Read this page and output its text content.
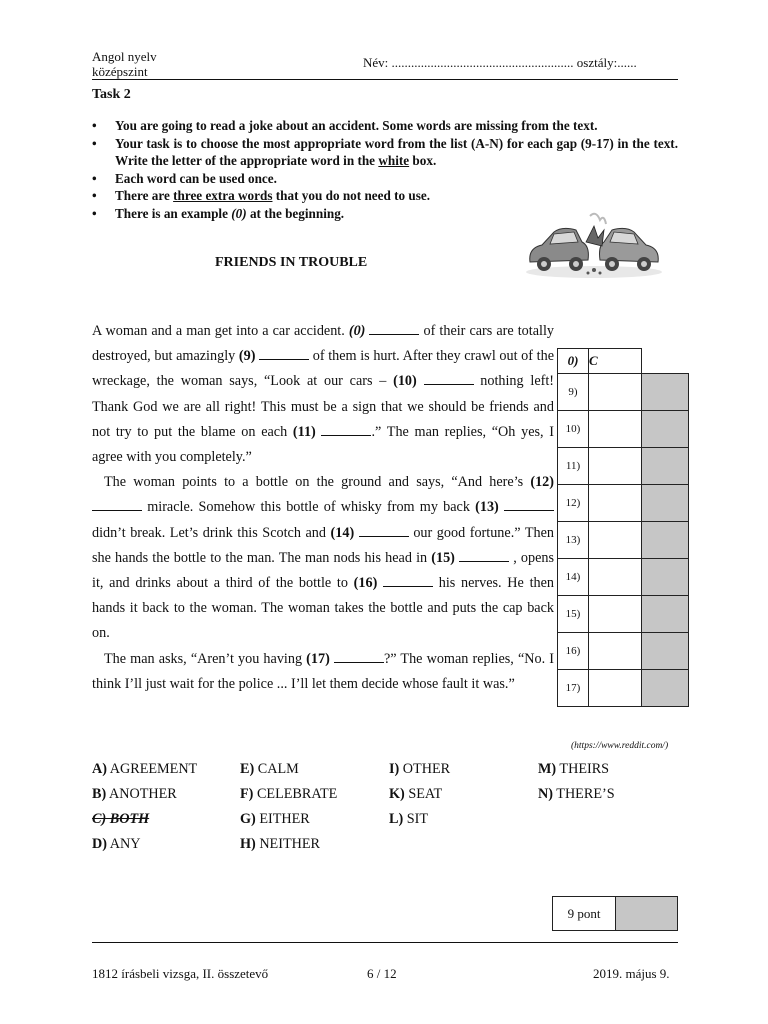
Angol nyelv
középszint
Név: ........................................................ osztály:......
Task 2
• You are going to read a joke about an accident. Some words are missing from the text.
• Your task is to choose the most appropriate word from the list (A-N) for each gap (9-17) in the text. Write the letter of the appropriate word in the white box.
• Each word can be used once.
• There are three extra words that you do not need to use.
• There is an example (0) at the beginning.
FRIENDS IN TROUBLE

A woman and a man get into a car accident. (0)	of their cars are totally destroyed, but amazingly (9)	of them is hurt. After they crawl out of the wreckage, the woman says, “Look at our cars – (10)	nothing left! Thank God we are all right! This must be a sign that we should be friends and not try to put the blame on each (11)	.” The man replies, “Oh yes, I agree with you completely.”

The woman points to a bottle on the ground and says, “And here’s (12)  miracle. Somehow this bottle of whisky from my back (13)  didn’t break. Let’s drink this Scotch and (14)	our good fortune.” Then she hands the bottle to the man. The man nods his head in (15)	, opens it, and drinks about a third of the bottle to (16)	his nerves. He then hands it back to the woman. The woman takes the bottle and puts the cap back on.

The man asks, “Aren’t you having (17)	?” The woman replies, “No. I think I’ll just wait for the police ... I’ll let them decide whose fault it was.”

0)	C	
9)		
10)		
11)		
12)		
13)		
14)		
15)		
16)		
17)		
(https://www.reddit.com/)
A) AGREEMENT
B) ANOTHER
C) BOTH
D) ANY
E) CALM
F) CELEBRATE
G) EITHER
H) NEITHER
I) OTHER
K) SEAT
L) SIT
M) THEIRS
N) THERE’S
9 pont	
1812 írásbeli vizsga, II. összetevő	6 / 12	2019. május 9.
